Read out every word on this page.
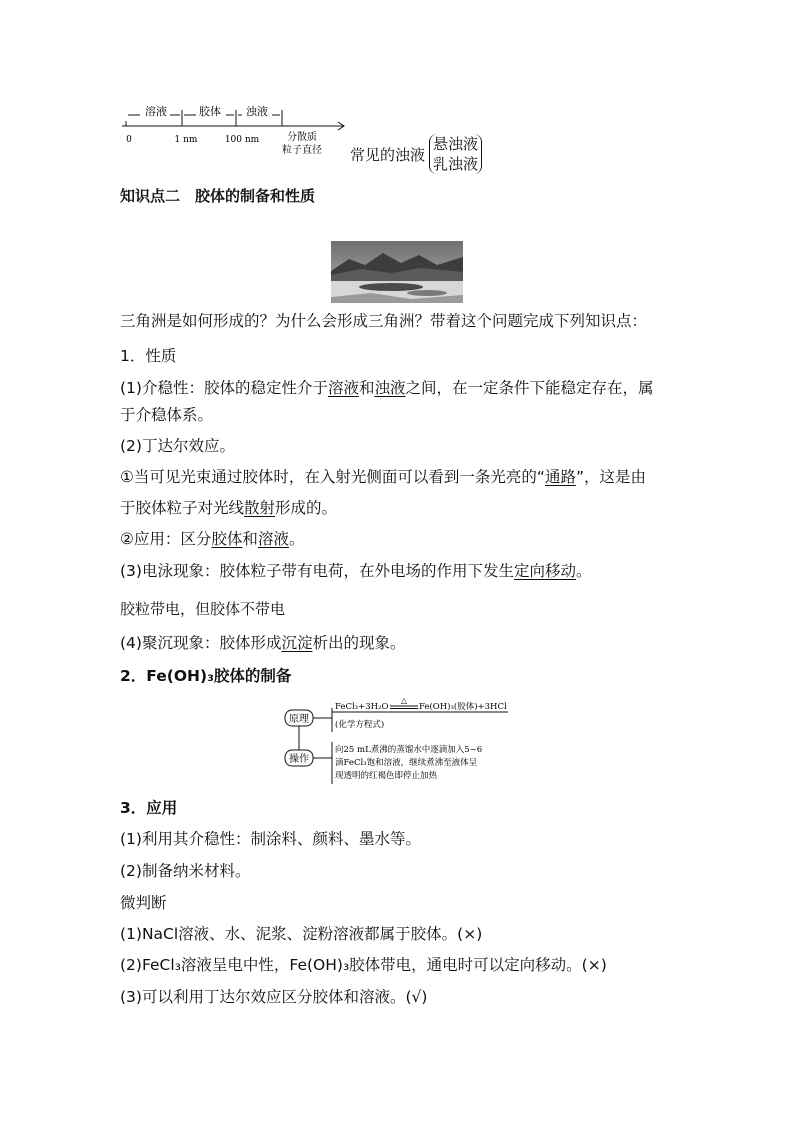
溶液	胶体 浊液
0	1 nm	100 nm	分散质
粒子直径 常见的浊液
悬浊液
乳浊液
知识点二　胶体的制备和性质
三角洲是如何形成的？为什么会形成三角洲？带着这个问题完成下列知识点：
1．性质
(1)介稳性：胶体的稳定性介于溶液和浊液之间，在一定条件下能稳定存在，属
于介稳体系。
(2)丁达尔效应。
①当可见光束通过胶体时，在入射光侧面可以看到一条光亮的“通路”，这是由
于胶体粒子对光线散射形成的。
②应用：区分胶体和溶液。
(3)电泳现象：胶体粒子带有电荷，在外电场的作用下发生定向移动。
胶粒带电，但胶体不带电
(4)聚沉现象：胶体形成沉淀析出的现象。
2．Fe(OH)₃胶体的制备
原理
操作
FeCl₃+3H₂O
△
Fe(OH)₃(胶体)+3HCl
(化学方程式)
向25 mL煮沸的蒸馏水中逐滴加入5~6
滴FeCl₃饱和溶液，继续煮沸至液体呈
现透明的红褐色即停止加热
3．应用
(1)利用其介稳性：制涂料、颜料、墨水等。
(2)制备纳米材料。
微判断
(1)NaCl溶液、水、泥浆、淀粉溶液都属于胶体。(×)
(2)FeCl₃溶液呈电中性，Fe(OH)₃胶体带电，通电时可以定向移动。(×)
(3)可以利用丁达尔效应区分胶体和溶液。(√)
